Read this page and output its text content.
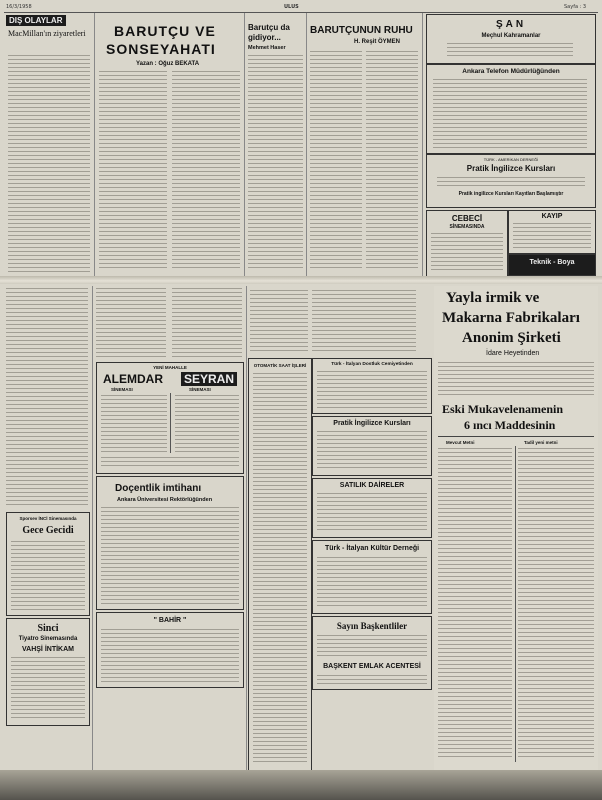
16/3/1958	ULUS	Sayfa : 3
DIŞ OLAYLAR
MacMillan'ın ziyaretleri	BARUTÇU VE
SONSEYAHATI
Yazan : Oğuz BEKATA
Barutçu da
gidiyor...
Mehmet Haser
BARUTÇUNUN RUHU
H. Reşit ÖYMEN
ŞAN
Meçhul Kahramanlar
Ankara Telefon Müdürlüğünden
TÜRK - AMERİKAN DERNEĞİ
Pratik İngilizce Kursları
Pratik ingilizce Kursları Kayıtları Başlamıştır
CEBECİ
SİNEMASINDA
KAYIP
Teknik - Boya
Sporsev İNCİ Sinemasında
Gece Gecidi
Sinci
Tiyatro Sinemasında
VAHŞİ İNTİKAM
YENİ MAHALLE
ALEMDAR SEYRAN
SİNEMASI	SİNEMASI
Doçentlik imtihanı
Ankara Üniversitesi Rektörlüğünden
" BAHİR "
OTOMATİK SAAT İŞLERİ	Türk - İtalyan Dostluk Cemiyetinden
Pratik İngilizce Kursları
SATILIK DAİRELER
Türk - İtalyan Kültür Derneği
Sayın Başkentliler
BAŞKENT EMLAK ACENTESİ
Yayla irmik ve
Makarna Fabrikaları
Anonim Şirketi
İdare Heyetinden
Eski Mukavelenamenin
6 ıncı Maddesinin
Mevcut Metni	Tadil yeni metni
